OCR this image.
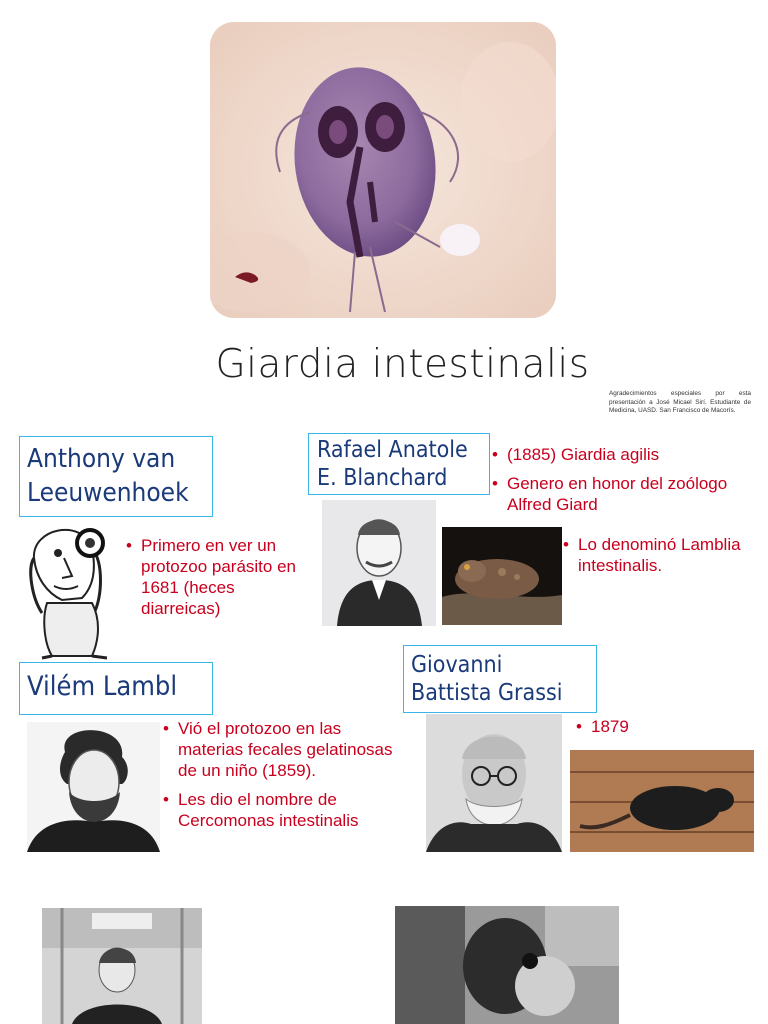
Giardia intestinalis
Agradecimientos especiales por esta presentación a José Micael Sirí. Estudiante de Medicina, UASD. San Francisco de Macorís.
Anthony van
Leeuwenhoek
• Primero en ver un protozoo parásito en 1681 (heces diarreicas)
Rafael Anatole
E. Blanchard
• (1885) Giardia agilis
• Genero en honor del zoólogo Alfred Giard
• Lo denominó Lamblia intestinalis.
Giovanni
Battista Grassi
• 1879
Vilém Lambl
• Vió el protozoo en las materias fecales gelatinosas de un niño (1859).
• Les dio el nombre de Cercomonas intestinalis
